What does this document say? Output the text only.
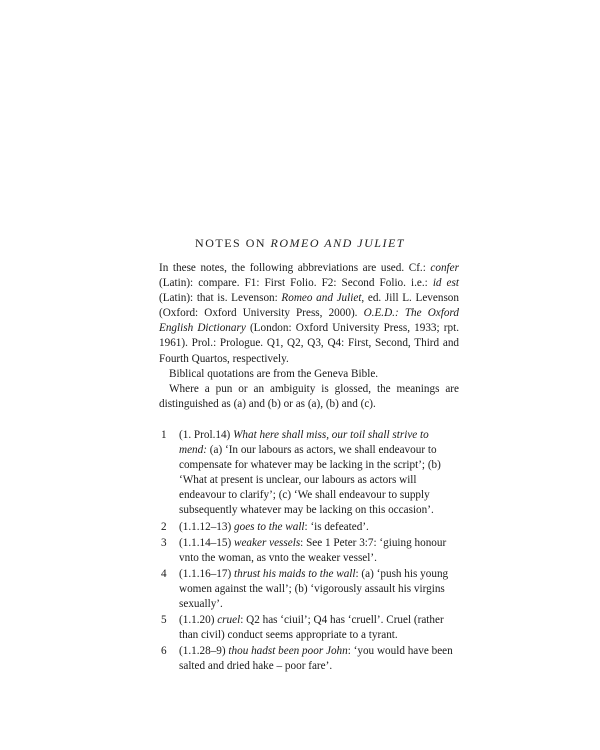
NOTES ON ROMEO AND JULIET

In these notes, the following abbreviations are used. Cf.: confer (Latin): compare. F1: First Folio. F2: Second Folio. i.e.: id est (Latin): that is. Levenson: Romeo and Juliet, ed. Jill L. Levenson (Oxford: Oxford University Press, 2000). O.E.D.: The Oxford English Dictionary (London: Oxford University Press, 1933; rpt. 1961). Prol.: Prologue. Q1, Q2, Q3, Q4: First, Second, Third and Fourth Quartos, respectively.

Biblical quotations are from the Geneva Bible.

Where a pun or an ambiguity is glossed, the meanings are distinguished as (a) and (b) or as (a), (b) and (c).

1 (1. Prol.14) What here shall miss, our toil shall strive to mend: (a) ‘In our labours as actors, we shall endeavour to compensate for whatever may be lacking in the script’; (b) ‘What at present is unclear, our labours as actors will endeavour to clarify’; (c) ‘We shall endeavour to supply subsequently whatever may be lacking on this occasion’.
2 (1.1.12–13) goes to the wall: ‘is defeated’.
3 (1.1.14–15) weaker vessels: See 1 Peter 3:7: ‘giuing honour vnto the woman, as vnto the weaker vessel’.
4 (1.1.16–17) thrust his maids to the wall: (a) ‘push his young women against the wall’; (b) ‘vigorously assault his virgins sexually’.
5 (1.1.20) cruel: Q2 has ‘ciuil’; Q4 has ‘cruell’. Cruel (rather than civil) conduct seems appropriate to a tyrant.
6 (1.1.28–9) thou hadst been poor John: ‘you would have been salted and dried hake – poor fare’.
